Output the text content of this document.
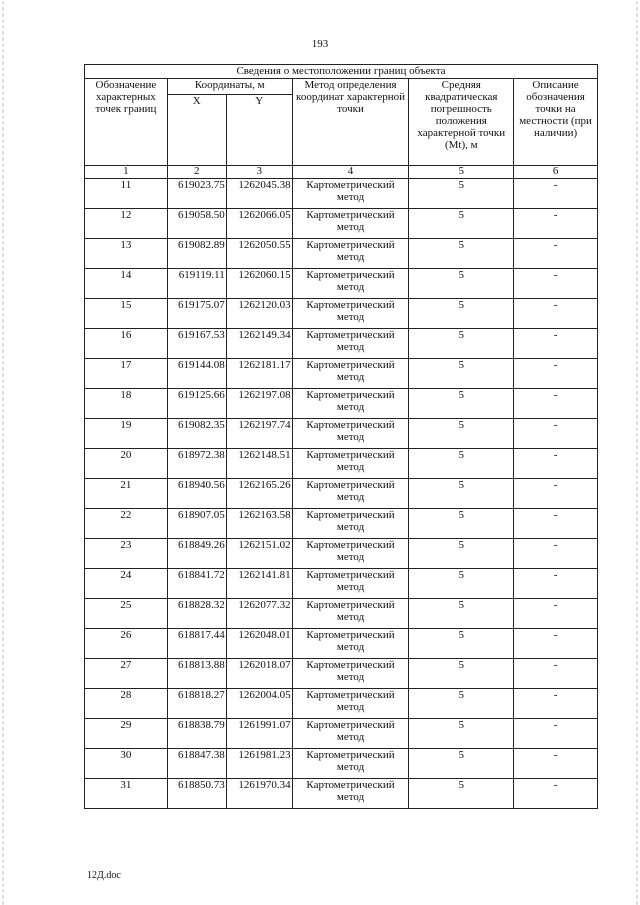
193
Сведения о местоположении границ объекта					
Обозначение характерных точек границ	Координаты, м		Метод определения координат характерной точки	Средняя квадратическая погрешность положения характерной точки (Mt), м	Описание обозначения точки на местности (при наличии)
	X	Y			
1	2	3	4	5	6
11	619023.75	1262045.38	Картометрический метод	5	-
12	619058.50	1262066.05	Картометрический метод	5	-
13	619082.89	1262050.55	Картометрический метод	5	-
14	619119.11	1262060.15	Картометрический метод	5	-
15	619175.07	1262120.03	Картометрический метод	5	-
16	619167.53	1262149.34	Картометрический метод	5	-
17	619144.08	1262181.17	Картометрический метод	5	-
18	619125.66	1262197.08	Картометрический метод	5	-
19	619082.35	1262197.74	Картометрический метод	5	-
20	618972.38	1262148.51	Картометрический метод	5	-
21	618940.56	1262165.26	Картометрический метод	5	-
22	618907.05	1262163.58	Картометрический метод	5	-
23	618849.26	1262151.02	Картометрический метод	5	-
24	618841.72	1262141.81	Картометрический метод	5	-
25	618828.32	1262077.32	Картометрический метод	5	-
26	618817.44	1262048.01	Картометрический метод	5	-
27	618813.88	1262018.07	Картометрический метод	5	-
28	618818.27	1262004.05	Картометрический метод	5	-
29	618838.79	1261991.07	Картометрический метод	5	-
30	618847.38	1261981.23	Картометрический метод	5	-
31	618850.73	1261970.34	Картометрический метод	5	-
12Д.doc
